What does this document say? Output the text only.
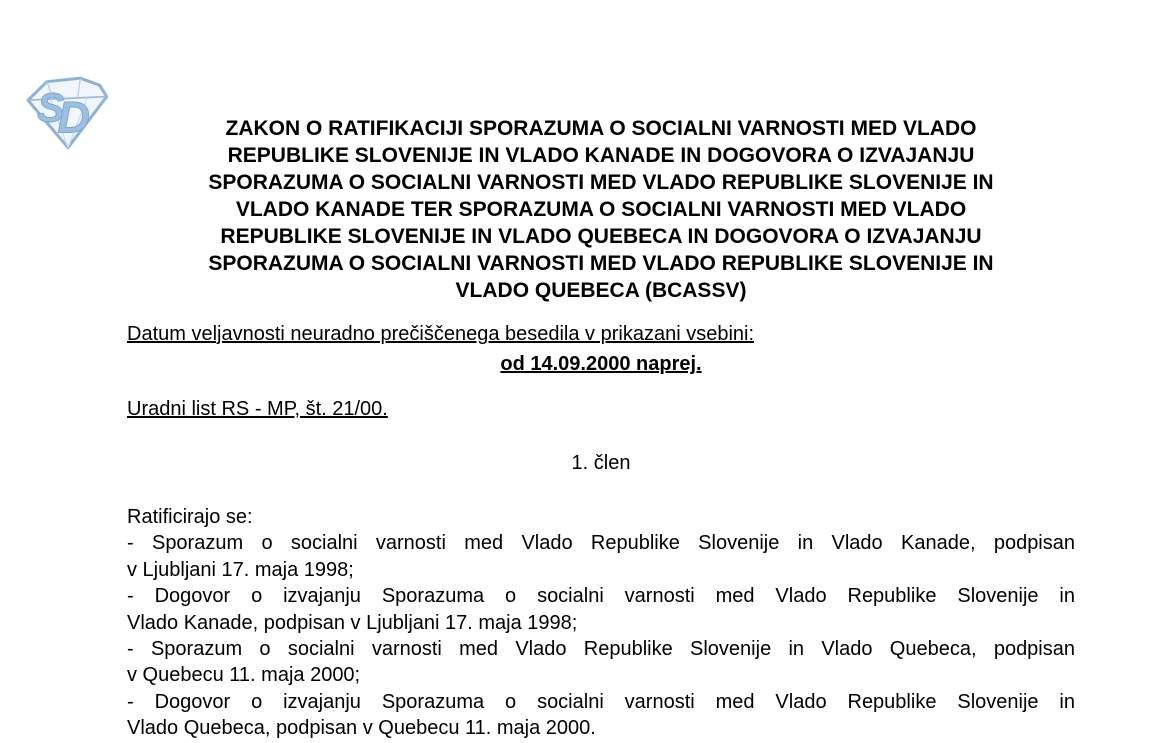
S
D	ZAKON O RATIFIKACIJI SPORAZUMA O SOCIALNI VARNOSTI MED VLADO
REPUBLIKE SLOVENIJE IN VLADO KANADE IN DOGOVORA O IZVAJANJU
SPORAZUMA O SOCIALNI VARNOSTI MED VLADO REPUBLIKE SLOVENIJE IN
VLADO KANADE TER SPORAZUMA O SOCIALNI VARNOSTI MED VLADO
REPUBLIKE SLOVENIJE IN VLADO QUEBECA IN DOGOVORA O IZVAJANJU
SPORAZUMA O SOCIALNI VARNOSTI MED VLADO REPUBLIKE SLOVENIJE IN
VLADO QUEBECA (BCASSV)
Datum veljavnosti neuradno prečiščenega besedila v prikazani vsebini:
od 14.09.2000 naprej.
Uradni list RS - MP, št. 21/00.
1. člen
Ratificirajo se:
- Sporazum o socialni varnosti med Vlado Republike Slovenije in Vlado Kanade, podpisan
v Ljubljani 17. maja 1998;
- Dogovor o izvajanju Sporazuma o socialni varnosti med Vlado Republike Slovenije in
Vlado Kanade, podpisan v Ljubljani 17. maja 1998;
- Sporazum o socialni varnosti med Vlado Republike Slovenije in Vlado Quebeca, podpisan
v Quebecu 11. maja 2000;
- Dogovor o izvajanju Sporazuma o socialni varnosti med Vlado Republike Slovenije in
Vlado Quebeca, podpisan v Quebecu 11. maja 2000.
